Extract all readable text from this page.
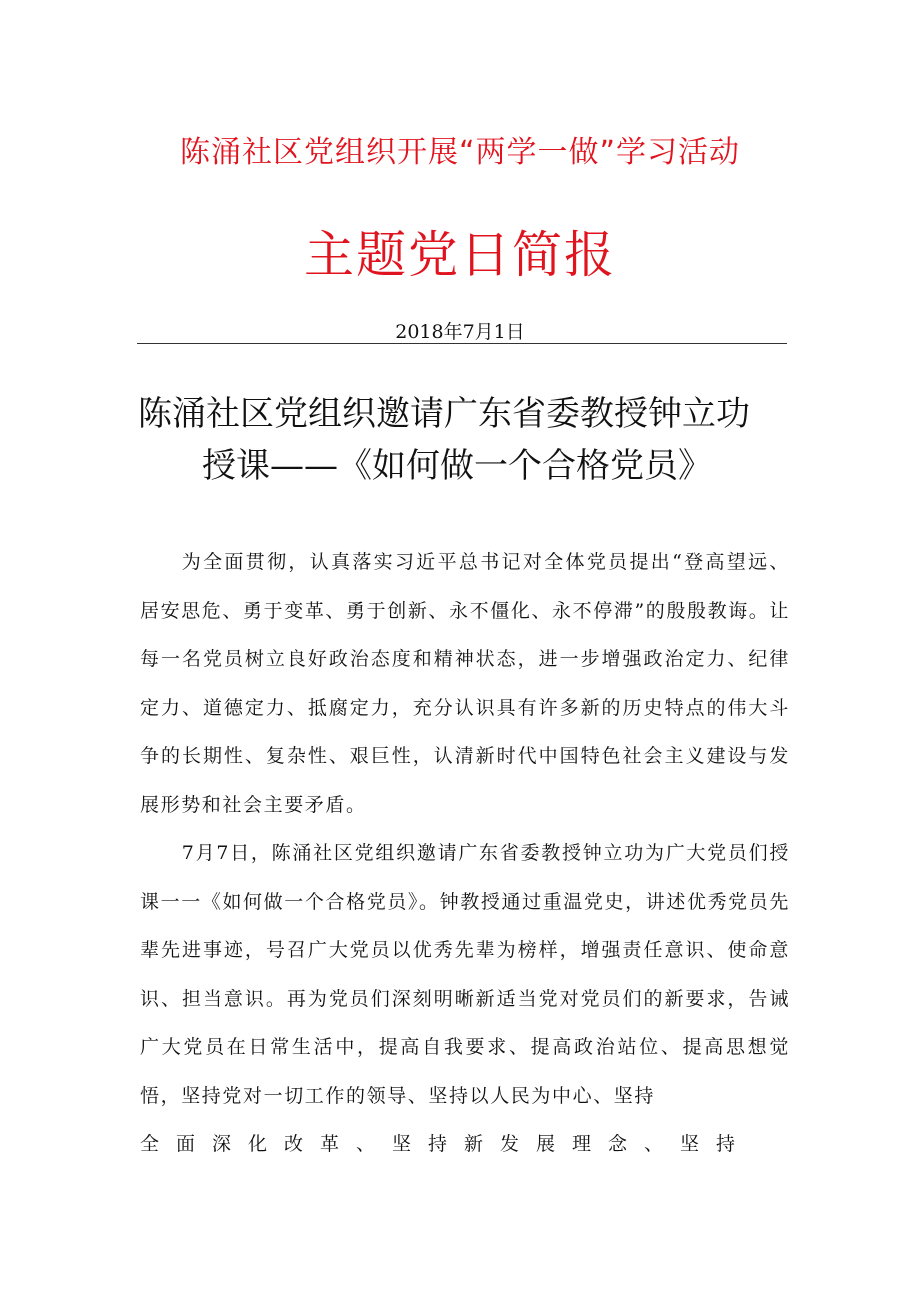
陈涌社区党组织开展“两学一做”学习活动
主题党日简报
2018年7月1日
陈涌社区党组织邀请广东省委教授钟立功
授课——《如何做一个合格党员》

为全面贯彻，认真落实习近平总书记对全体党员提出“登高望远、居安思危、勇于变革、勇于创新、永不僵化、永不停滞”的殷殷教诲。让每一名党员树立良好政治态度和精神状态，进一步增强政治定力、纪律定力、道德定力、抵腐定力，充分认识具有许多新的历史特点的伟大斗争的长期性、复杂性、艰巨性，认清新时代中国特色社会主义建设与发展形势和社会主要矛盾。

7月7日，陈涌社区党组织邀请广东省委教授钟立功为广大党员们授课一一《如何做一个合格党员》。钟教授通过重温党史，讲述优秀党员先辈先进事迹，号召广大党员以优秀先辈为榜样，增强责任意识、使命意识、担当意识。再为党员们深刻明晰新适当党对党员们的新要求，告诫广大党员在日常生活中，提高自我要求、提高政治站位、提高思想觉悟，坚持党对一切工作的领导、坚持以人民为中心、坚持

全面深化改革、坚持新发展理念、坚持
